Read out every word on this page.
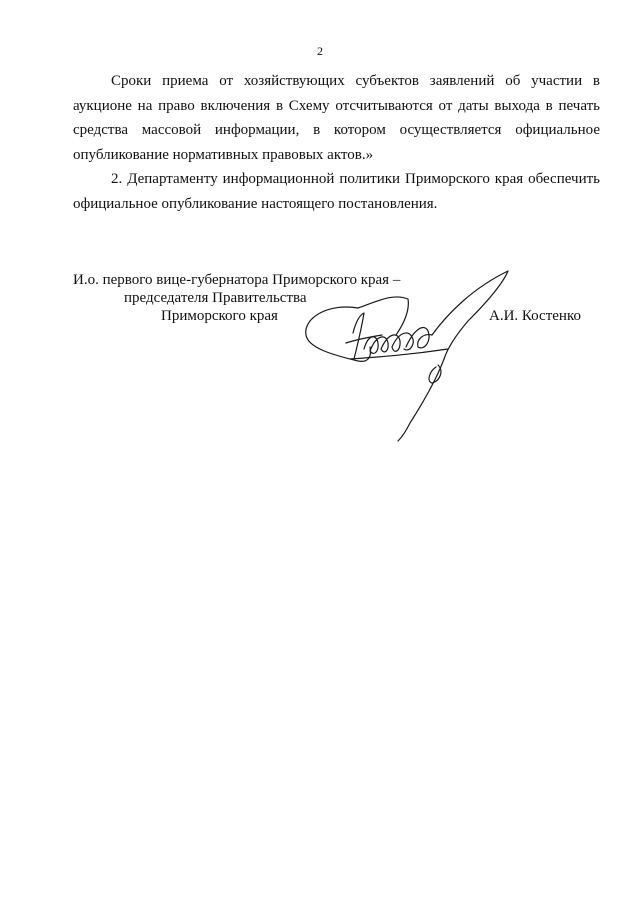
2

Сроки приема от хозяйствующих субъектов заявлений об участии в аукционе на право включения в Схему отсчитываются от даты выхода в печать средства массовой информации, в котором осуществляется официальное опубликование нормативных правовых актов.»

2. Департаменту информационной политики Приморского края обеспечить официальное опубликование настоящего постановления.

И.о. первого вице-губернатора Приморского края –
председателя Правительства
Приморского края	А.И. Костенко
